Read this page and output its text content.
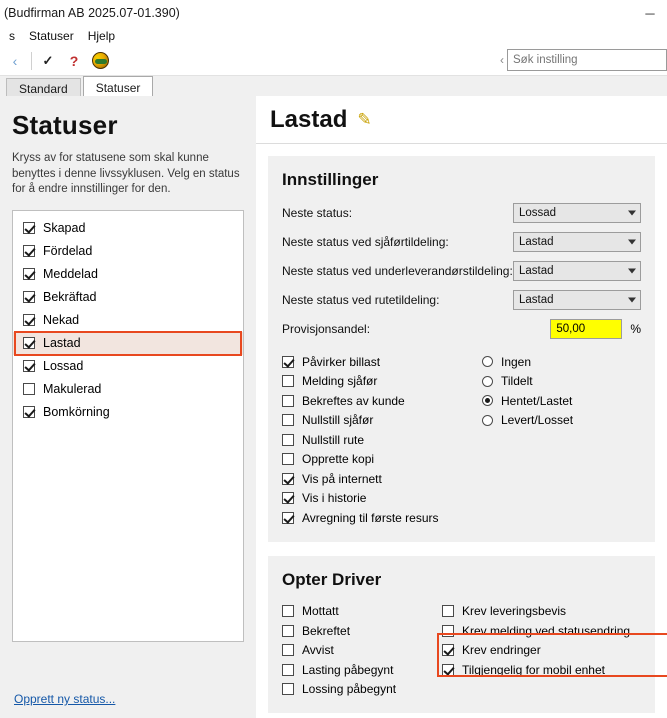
(Budfirman AB 2025.07-01.390)	─
s	Statuser	Hjelp
‹	✓	?	‹
Søk instilling
Standard	Statuser
Statuser
Kryss av for statusene som skal kunne benyttes i denne livssyklusen. Velg en status for å endre innstillinger for den.
Skapad
Fördelad
Meddelad
Bekräftad
Nekad
Lastad
Lossad
Makulerad
Bomkörning
Opprett ny status...
Lastad ✎
Innstillinger
Neste status:	Lossad
Neste status ved sjåførtildeling:	Lastad
Neste status ved underleverandørstildeling: Lastad
Neste status ved rutetildeling:	Lastad
Provisjonsandel:	50,00	%
Påvirker billast
Melding sjåfør
Bekreftes av kunde
Nullstill sjåfør
Nullstill rute
Opprette kopi
Vis på internett
Vis i historie
Avregning til første resurs
Ingen
Tildelt
Hentet/Lastet
Levert/Losset
Opter Driver
Mottatt
Bekreftet
Avvist
Lasting påbegynt
Lossing påbegynt
Krev leveringsbevis
Krev melding ved statusendring
Krev endringer
Tilgjengelig for mobil enhet
